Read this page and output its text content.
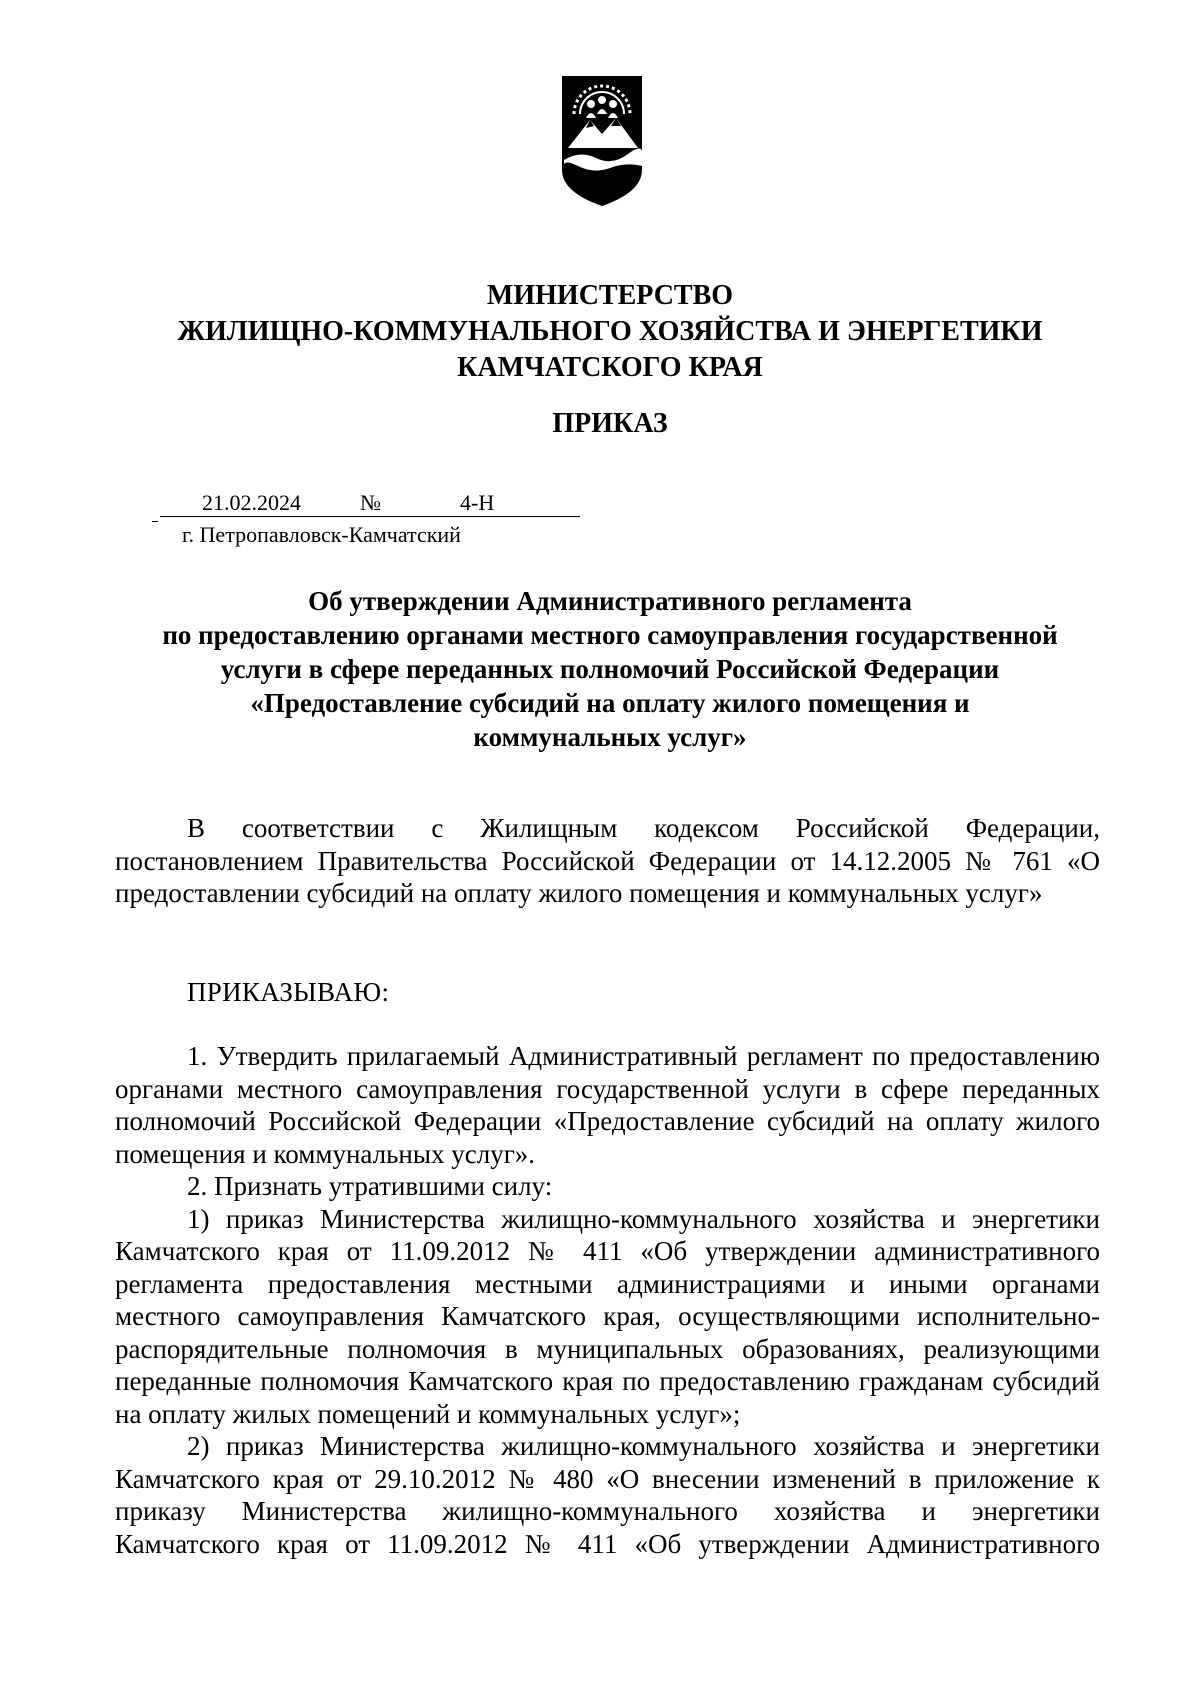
МИНИСТЕРСТВО
ЖИЛИЩНО-КОММУНАЛЬНОГО ХОЗЯЙСТВА И ЭНЕРГЕТИКИ
КАМЧАТСКОГО КРАЯ
ПРИКАЗ
21.02.2024	№	4-Н
г. Петропавловск-Камчатский
Об утверждении Административного регламента
по предоставлению органами местного самоуправления государственной
услуги в сфере переданных полномочий Российской Федерации
«Предоставление субсидий на оплату жилого помещения и
коммунальных услуг»

В соответствии с Жилищным кодексом Российской Федерации, постановлением Правительства Российской Федерации от 14.12.2005 № 761 «О предоставлении субсидий на оплату жилого помещения и коммунальных услуг»

ПРИКАЗЫВАЮ:

1. Утвердить прилагаемый Административный регламент по предоставлению органами местного самоуправления государственной услуги в сфере переданных полномочий Российской Федерации «Предоставление субсидий на оплату жилого помещения и коммунальных услуг».

2. Признать утратившими силу:

1) приказ Министерства жилищно-коммунального хозяйства и энергетики Камчатского края от 11.09.2012 № 411 «Об утверждении административного регламента предоставления местными администрациями и иными органами местного самоуправления Камчатского края, осуществляющими исполнительно-распорядительные полномочия в муниципальных образованиях, реализующими переданные полномочия Камчатского края по предоставлению гражданам субсидий на оплату жилых помещений и коммунальных услуг»;

2) приказ Министерства жилищно-коммунального хозяйства и энергетики Камчатского края от 29.10.2012 № 480 «О внесении изменений в приложение к приказу Министерства жилищно-коммунального хозяйства и энергетики Камчатского края от 11.09.2012 № 411 «Об утверждении Административного
